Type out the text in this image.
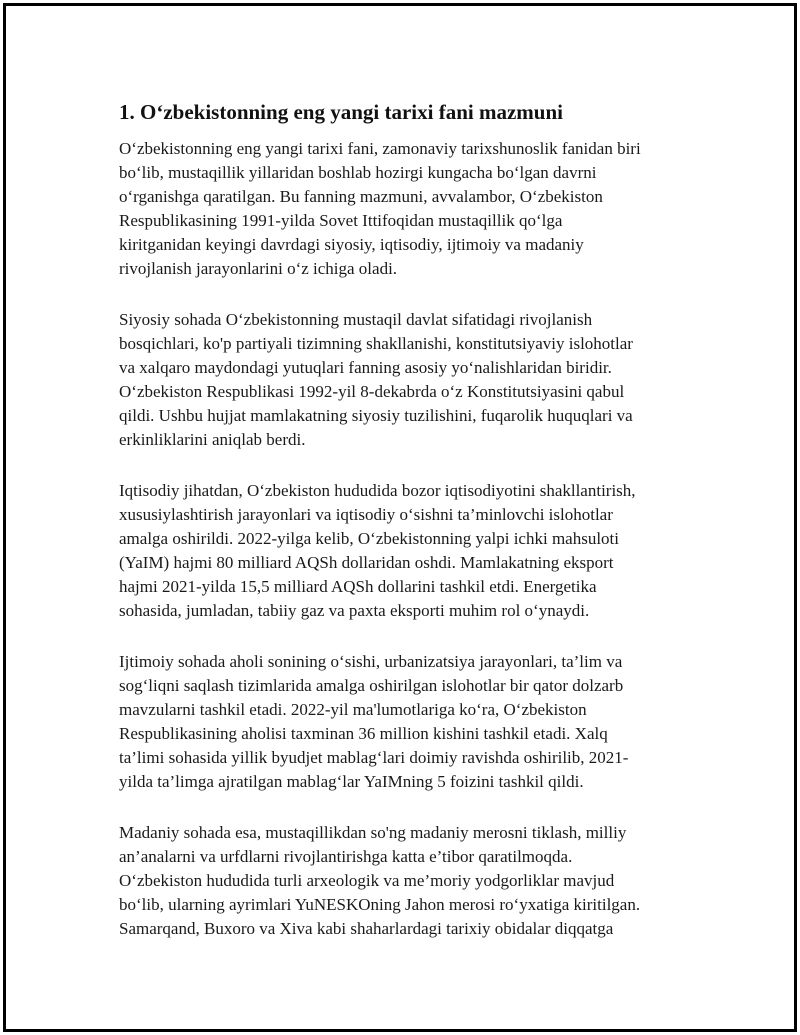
1. O‘zbekistonning eng yangi tarixi fani mazmuni
O‘zbekistonning eng yangi tarixi fani, zamonaviy tarixshunoslik fanidan biri
bo‘lib, mustaqillik yillaridan boshlab hozirgi kungacha bo‘lgan davrni
o‘rganishga qaratilgan. Bu fanning mazmuni, avvalambor, O‘zbekiston
Respublikasining 1991-yilda Sovet Ittifoqidan mustaqillik qo‘lga
kiritganidan keyingi davrdagi siyosiy, iqtisodiy, ijtimoiy va madaniy
rivojlanish jarayonlarini o‘z ichiga oladi.
Siyosiy sohada O‘zbekistonning mustaqil davlat sifatidagi rivojlanish
bosqichlari, ko'p partiyali tizimning shakllanishi, konstitutsiyaviy islohotlar
va xalqaro maydondagi yutuqlari fanning asosiy yo‘nalishlaridan biridir.
O‘zbekiston Respublikasi 1992-yil 8-dekabrda o‘z Konstitutsiyasini qabul
qildi. Ushbu hujjat mamlakatning siyosiy tuzilishini, fuqarolik huquqlari va
erkinliklarini aniqlab berdi.
Iqtisodiy jihatdan, O‘zbekiston hududida bozor iqtisodiyotini shakllantirish,
xususiylashtirish jarayonlari va iqtisodiy o‘sishni ta’minlovchi islohotlar
amalga oshirildi. 2022-yilga kelib, O‘zbekistonning yalpi ichki mahsuloti
(YaIM) hajmi 80 milliard AQSh dollaridan oshdi. Mamlakatning eksport
hajmi 2021-yilda 15,5 milliard AQSh dollarini tashkil etdi. Energetika
sohasida, jumladan, tabiiy gaz va paxta eksporti muhim rol o‘ynaydi.
Ijtimoiy sohada aholi sonining o‘sishi, urbanizatsiya jarayonlari, ta’lim va
sog‘liqni saqlash tizimlarida amalga oshirilgan islohotlar bir qator dolzarb
mavzularni tashkil etadi. 2022-yil ma'lumotlariga ko‘ra, O‘zbekiston
Respublikasining aholisi taxminan 36 million kishini tashkil etadi. Xalq
ta’limi sohasida yillik byudjet mablag‘lari doimiy ravishda oshirilib, 2021-
yilda ta’limga ajratilgan mablag‘lar YaIMning 5 foizini tashkil qildi.
Madaniy sohada esa, mustaqillikdan so'ng madaniy merosni tiklash, milliy
an’analarni va urfdlarni rivojlantirishga katta e’tibor qaratilmoqda.
O‘zbekiston hududida turli arxeologik va me’moriy yodgorliklar mavjud
bo‘lib, ularning ayrimlari YuNESKOning Jahon merosi ro‘yxatiga kiritilgan.
Samarqand, Buxoro va Xiva kabi shaharlardagi tarixiy obidalar diqqatga
